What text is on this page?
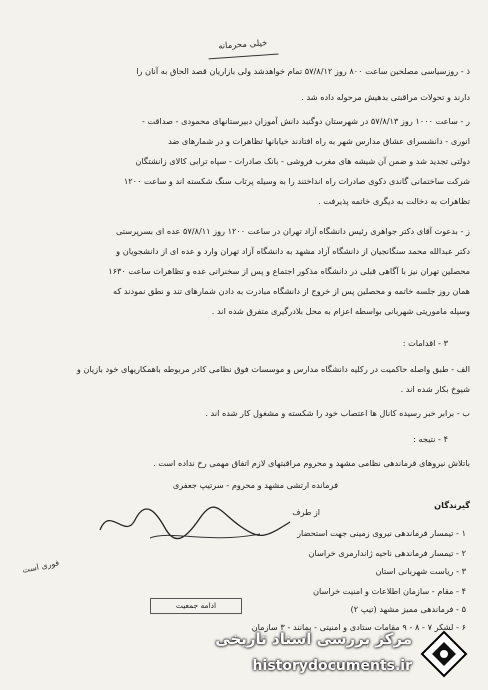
خیلی محرمانه
ذ - روزسیاسی مصلحین ساعت ۸۰۰ روز ۵۷/۸/۱۲ تمام خواهدشد ولی بازاریان قصد الحاق به آنان را
دارند و تحولات مراقبتی بدهیش مرحوله داده شد .
ر - ساعت ۱۰۰۰ روز ۵۷/۸/۱۳ در شهرستان دوگنبد دانش آموزان دبیرستانهای محمودی - صداقت -
انوری - دانشسرای عشاق مدارس شهر به راه افتادند خیابانها تظاهرات و در شمارهای ضد
دولتی تجدید شد و ضمن آن شیشه های مغرب فروشی - بانک صادرات - سپاه ترابی کالای زانشتگان
شرکت ساختمانی گاندی دکوی صادرات راه انداختند را به وسیله پرتاب سنگ شکسته اند و ساعت ۱۲۰۰
تظاهرات به دخالت به دیگری خاتمه پذیرفت .
ز - بدعوت آقای دکتر جواهری رئیس دانشگاه آزاد تهران در ساعت ۱۲۰۰ روز ۵۷/۸/۱۱ عده ای بسرپرستی
دکتر عبدالله محمد سنگانجیان از دانشگاه آزاد مشهد به دانشگاه آزاد تهران وارد و عده ای از دانشجویان و
محصلین تهران نیز با آگاهی قبلی در دانشگاه مذکور اجتماع و پس از سخنرانی عده و تظاهرات ساعت ۱۶۳۰
همان روز جلسه خاتمه و محصلین پس از خروج از دانشگاه مبادرت به دادن شمارهای تند و نطق نمودند که
وسیله ماموریتی شهربانی بواسطه اعزام به محل بلادرگیری متفرق شده اند .
۳ - اقدامات :
الف - طبق واصله حاکمیت در رکلیه دانشگاه مدارس و موسسات فوق نظامی کادر مربوطه باهمکاریهای خود بازیان و
شیوخ بکار شده اند .
ب - برابر خبر رسیده کانال ها اعتصاب خود را شکسته و مشغول کار شده اند .
۴ - نتیجه :
باتلاش نیروهای فرماندهی نظامی مشهد و محروم مراقبتهای لازم اتفاق مهمی رخ نداده است .
فرمانده ارتشی مشهد و محروم - سرتیپ جعفری
گیرندگان
۱ - تیمسار فرماندهی نیروی زمینی جهت استحضار
۲ - تیمسار فرماندهی ناحیه ژاندارمری خراسان
۳ - ریاست شهربانی استان
۴ - مقام - سازمان اطلاعات و امنیت خراسان
۵ - فرماندهی ممیز مشهد (تیپ ۲)
۶ - لشکر ۷ - ۸ - ۹ مقامات ستادی و امنیتی - بمانند - ۳ سازمان
از طرف
فوری است
ادامه جمعیت
مرکز بررسی اسناد تاریخی
historydocuments.ir
